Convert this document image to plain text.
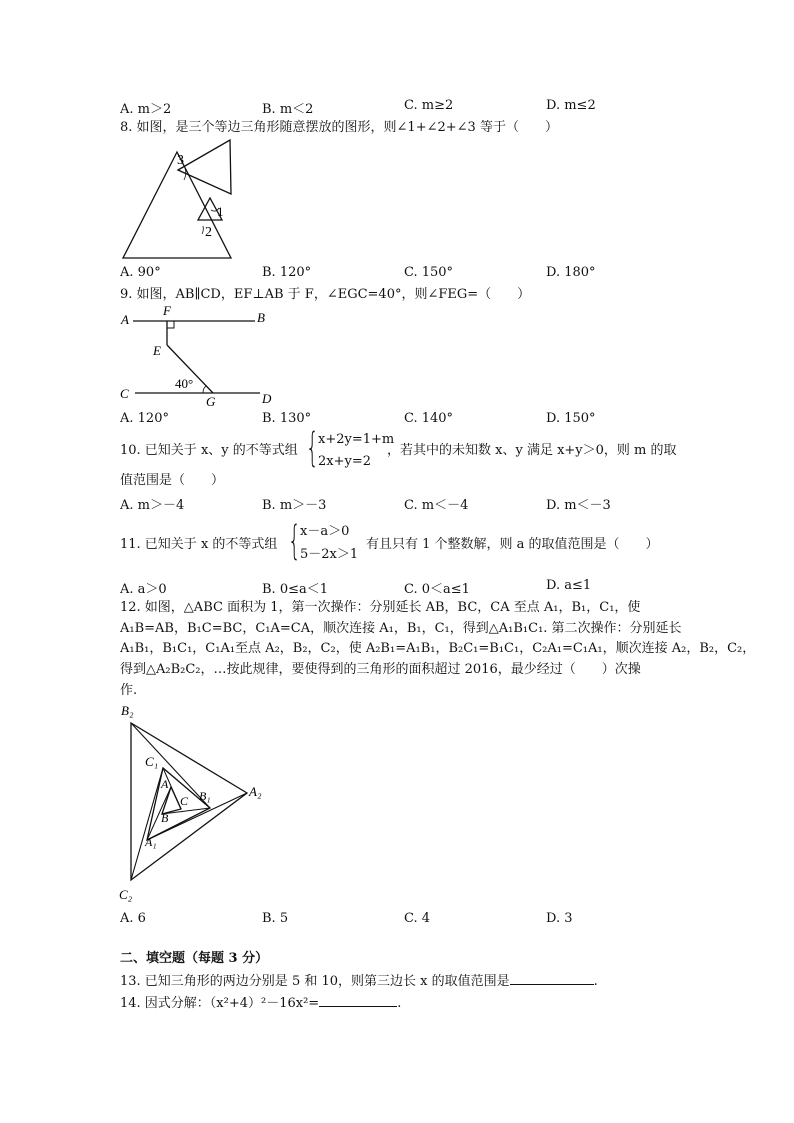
A. m＞2	B. m＜2	C. m≥2	D. m≤2
8. 如图，是三个等边三角形随意摆放的图形，则∠1+∠2+∠3 等于（　　）
3
1
2
A. 90°	B. 120°	C. 150°	D. 180°
9. 如图，AB∥CD，EF⊥AB 于 F，∠EGC=40°，则∠FEG=（　　）
A
F	B
E
C
40°
G	D
A. 120°	B. 130°	C. 140°	D. 150°
10. 已知关于 x、y 的不等式组 { x+2y=1+m
2x+y=2
，若其中的未知数 x、y 满足 x+y＞0，则 m 的取
值范围是（　　）
A. m＞－4	B. m＞－3	C. m＜－4	D. m＜－3
11. 已知关于 x 的不等式组 { x－a＞0
5－2x＞1
有且只有 1 个整数解，则 a 的取值范围是（　　）
A. a＞0	B. 0≤a＜1	C. 0＜a≤1	D. a≤1
12. 如图，△ABC 面积为 1，第一次操作：分别延长 AB，BC，CA 至点 A₁，B₁，C₁，使
A₁B=AB，B₁C=BC，C₁A=CA，顺次连接 A₁，B₁，C₁，得到△A₁B₁C₁. 第二次操作：分别延长
A₁B₁，B₁C₁，C₁A₁至点 A₂，B₂，C₂，使 A₂B₁=A₁B₁，B₂C₁=B₁C₁，C₂A₁=C₁A₁，顺次连接 A₂，B₂，C₂，
得到△A₂B₂C₂，…按此规律，要使得到的三角形的面积超过 2016，最少经过（　　）次操
作.
B₂
C₁
A
C B₁	A₂
B
A₁
C₂
A. 6	B. 5	C. 4	D. 3
二、填空题（每题 3 分）
13. 已知三角形的两边分别是 5 和 10，则第三边长 x 的取值范围是	.
14. 因式分解：（x²+4）²－16x²=	.
